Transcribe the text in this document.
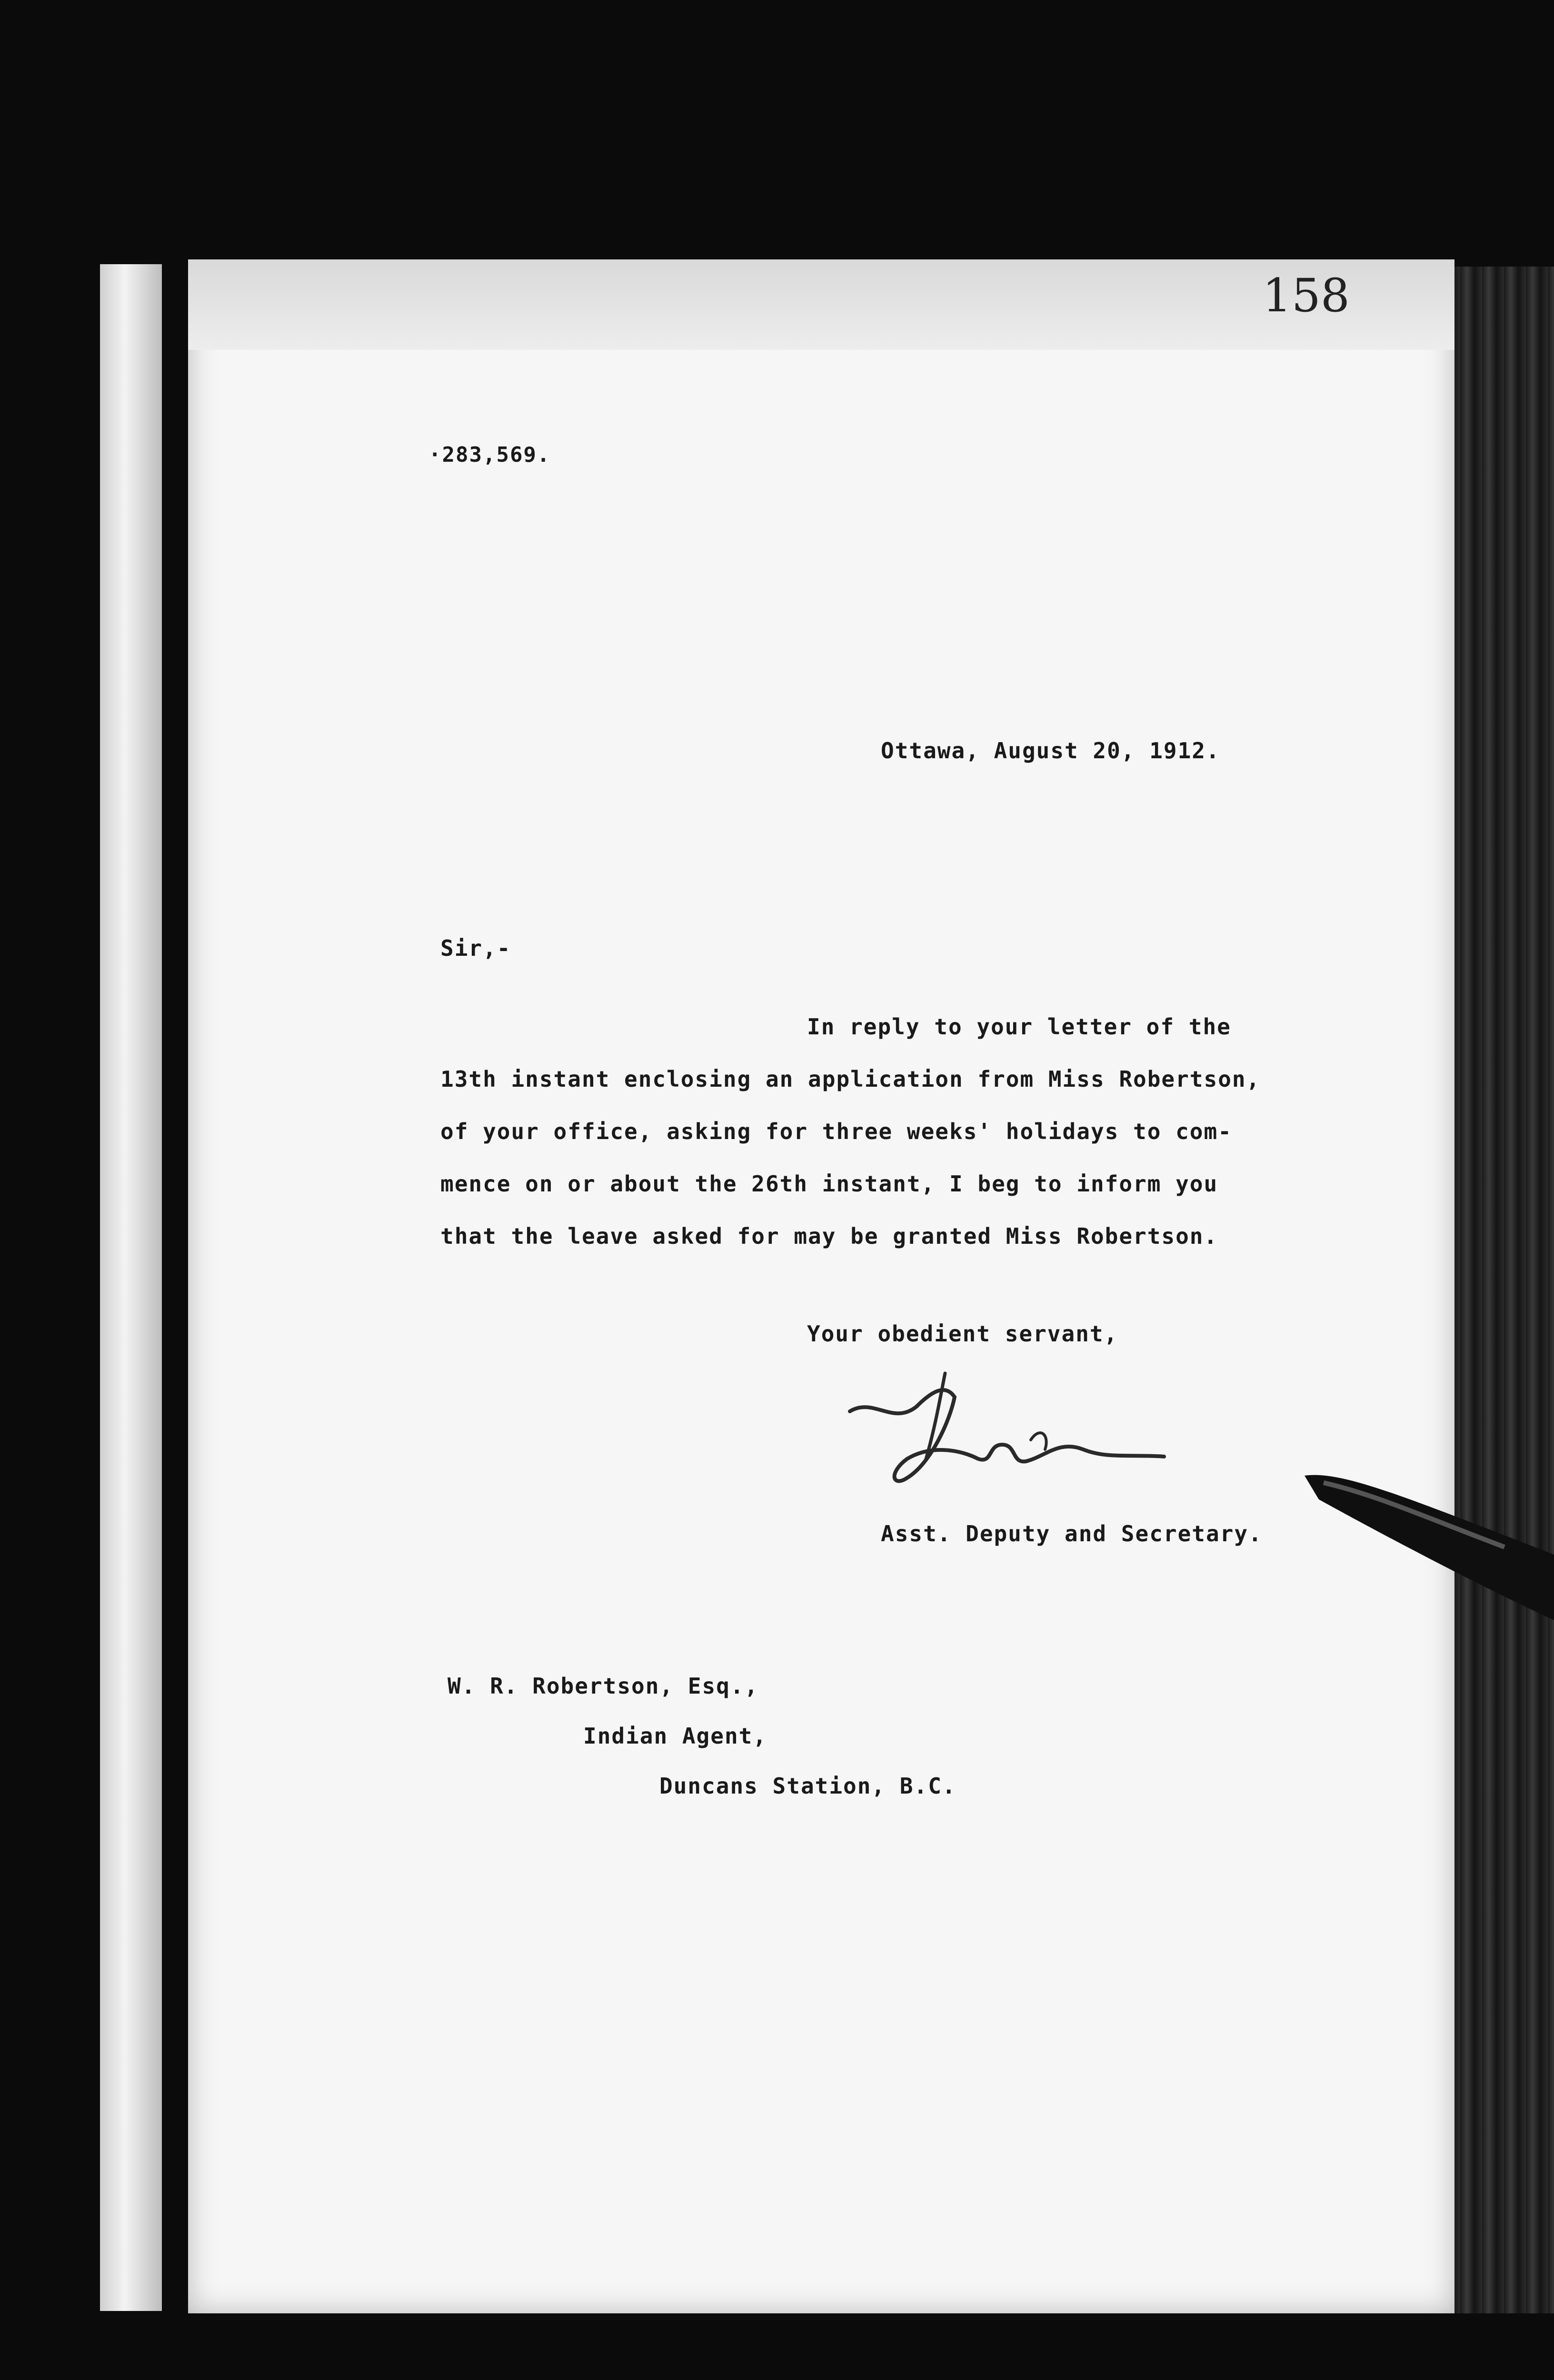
158
·283,569.
Ottawa, August 20, 1912.
Sir,-
In reply to your letter of the
13th instant enclosing an application from Miss Robertson,
of your office, asking for three weeks' holidays to com-
mence on or about the 26th instant, I beg to inform you
that the leave asked for may be granted Miss Robertson.
Your obedient servant,
Asst. Deputy and Secretary.
W. R. Robertson, Esq.,
Indian Agent,
Duncans Station, B.C.
